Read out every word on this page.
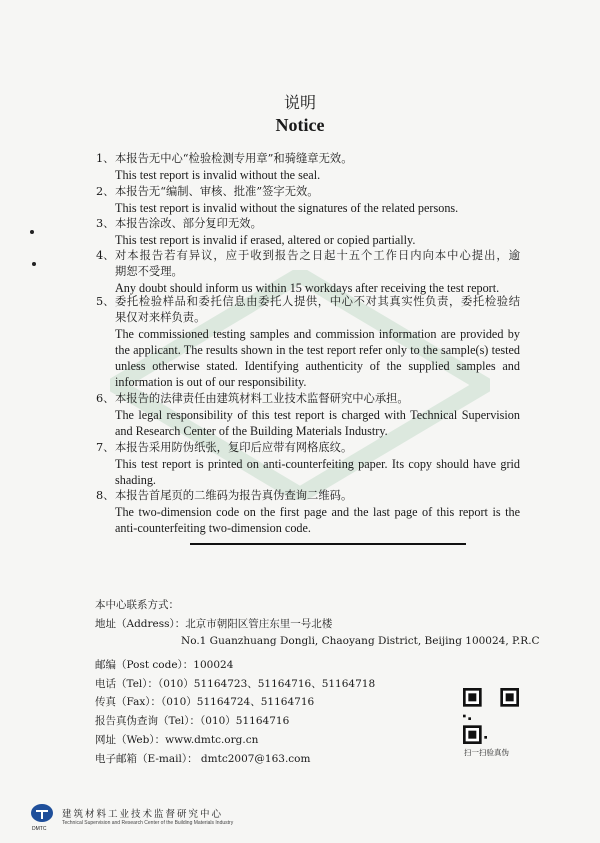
说明
Notice
1、 本报告无中心“检验检测专用章”和骑缝章无效。
This test report is invalid without the seal.
2、 本报告无“编制、审核、批准”签字无效。
This test report is invalid without the signatures of the related persons.
3、 本报告涂改、部分复印无效。
This test report is invalid if erased, altered or copied partially.
4、 对本报告若有异议，应于收到报告之日起十五个工作日内向本中心提出，逾
期恕不受理。
Any doubt should inform us within 15 workdays after receiving the test report.
5、 委托检验样品和委托信息由委托人提供，中心不对其真实性负责，委托检验结
果仅对来样负责。
The commissioned testing samples and commission information are provided by
the applicant. The results shown in the test report refer only to the sample(s) tested
unless otherwise stated. Identifying authenticity of the supplied samples and
information is out of our responsibility.
6、 本报告的法律责任由建筑材料工业技术监督研究中心承担。
The legal responsibility of this test report is charged with Technical Supervision
and Research Center of the Building Materials Industry.
7、 本报告采用防伪纸张，复印后应带有网格底纹。
This test report is printed on anti-counterfeiting paper. Its copy should have grid
shading.
8、 本报告首尾页的二维码为报告真伪查询二维码。
The two-dimension code on the first page and the last page of this report is the
anti-counterfeiting two-dimension code.
本中心联系方式：
地址（Address）：北京市朝阳区管庄东里一号北楼
No.1 Guanzhuang Dongli, Chaoyang District, Beijing 100024, P.R.C
邮编（Post code）：100024
电话（Tel）：（010）51164723、51164716、51164718
传真（Fax）：（010）51164724、51164716
报告真伪查询（Tel）：（010）51164716
网址（Web）：www.dmtc.org.cn
电子邮箱（E-mail）： dmtc2007@163.com
扫一扫验真伪
DMTC
建筑材料工业技术监督研究中心
Technical Supervision and Research Center of the Building Materials Industry
